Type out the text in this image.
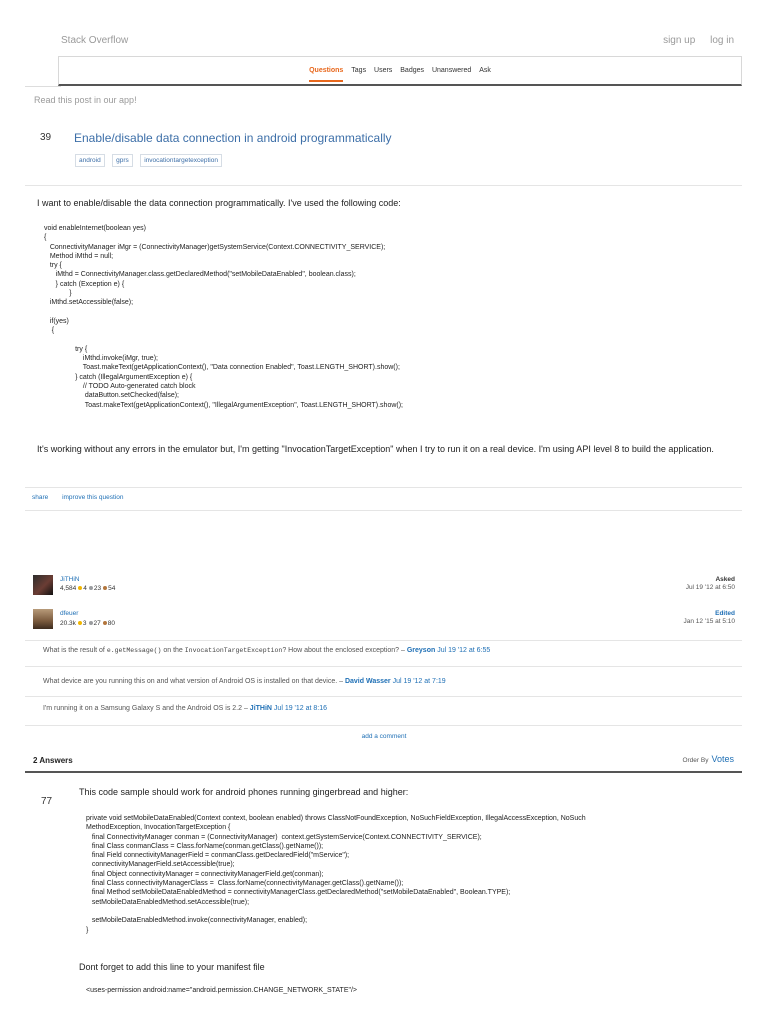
Stack Overflow	sign up log in
Questions Tags Users Badges Unanswered Ask
Read this post in our app!
39 Enable/disable data connection in android programmatically
android gprs invocationtargetexception
I want to enable/disable the data connection programmatically. I've used the following code:
void enableInternet(boolean yes)
{
ConnectivityManager iMgr = (ConnectivityManager)getSystemService(Context.CONNECTIVITY_SERVICE);
Method iMthd = null;
try {
iMthd = ConnectivityManager.class.getDeclaredMethod("setMobileDataEnabled", boolean.class);
} catch (Exception e) {
}
iMthd.setAccessible(false);

if(yes)
{

try {
iMthd.invoke(iMgr, true);
Toast.makeText(getApplicationContext(), "Data connection Enabled", Toast.LENGTH_SHORT).show();
} catch (IllegalArgumentException e) {
// TODO Auto-generated catch block
dataButton.setChecked(false);
Toast.makeText(getApplicationContext(), "IllegalArgumentException", Toast.LENGTH_SHORT).show();
It's working without any errors in the emulator but, I'm getting "InvocationTargetException" when I try to run it on a real device. I'm using API level 8 to build the application.
share improve this question
JiTHiN
4,584 4 23 54
Asked
Jul 19 '12 at 6:50
dfeuer
20.3k 3 27 80
Edited
Jan 12 '15 at 5:10
What is the result of e.getMessage() on the InvocationTargetException? How about the enclosed exception? – Greyson Jul 19 '12 at 6:55
What device are you running this on and what version of Android OS is installed on that device. – David Wasser Jul 19 '12 at 7:19
I'm running it on a Samsung Galaxy S and the Android OS is 2.2 – JiTHiN Jul 19 '12 at 8:16
add a comment
2 Answers	Order By Votes
77
This code sample should work for android phones running gingerbread and higher:
private void setMobileDataEnabled(Context context, boolean enabled) throws ClassNotFoundException, NoSuchFieldException, IllegalAccessException, NoSuch
MethodException, InvocationTargetException {
final ConnectivityManager conman = (ConnectivityManager)  context.getSystemService(Context.CONNECTIVITY_SERVICE);
final Class conmanClass = Class.forName(conman.getClass().getName());
final Field connectivityManagerField = conmanClass.getDeclaredField("mService");
connectivityManagerField.setAccessible(true);
final Object connectivityManager = connectivityManagerField.get(conman);
final Class connectivityManagerClass =  Class.forName(connectivityManager.getClass().getName());
final Method setMobileDataEnabledMethod = connectivityManagerClass.getDeclaredMethod("setMobileDataEnabled", Boolean.TYPE);
setMobileDataEnabledMethod.setAccessible(true);

setMobileDataEnabledMethod.invoke(connectivityManager, enabled);
}
Dont forget to add this line to your manifest file
<uses-permission android:name="android.permission.CHANGE_NETWORK_STATE"/>
